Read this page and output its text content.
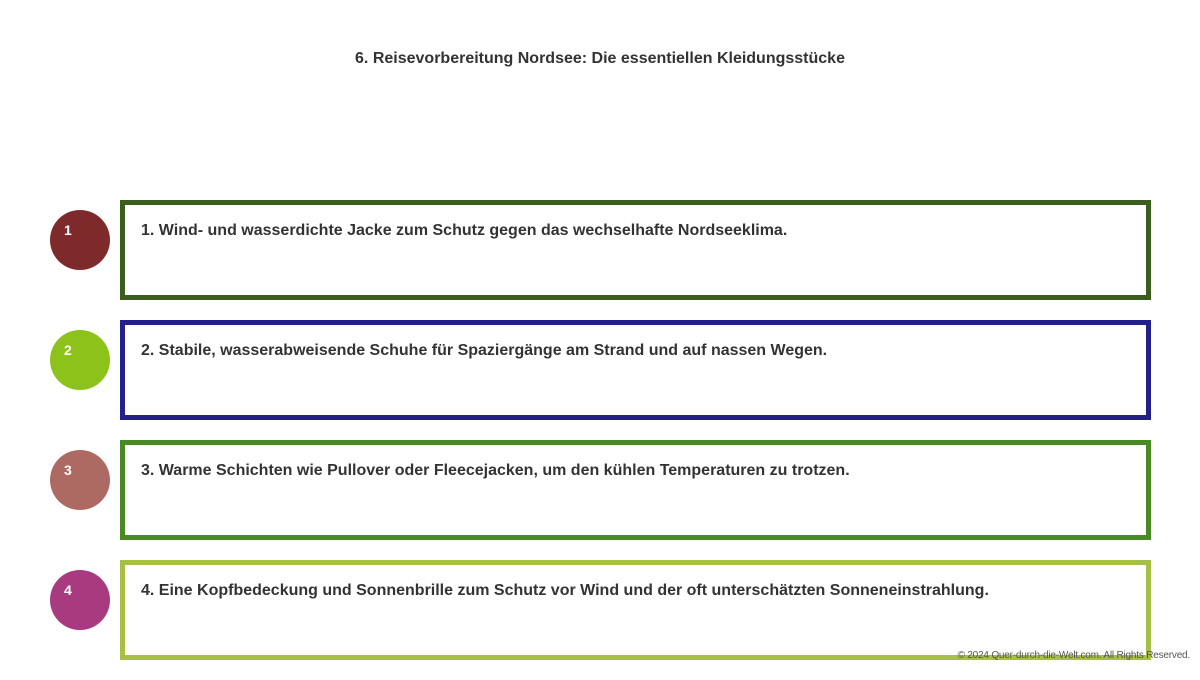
6. Reisevorbereitung Nordsee: Die essentiellen Kleidungsstücke
1	1. Wind- und wasserdichte Jacke zum Schutz gegen das wechselhafte Nordseeklima.
2	2. Stabile, wasserabweisende Schuhe für Spaziergänge am Strand und auf nassen Wegen.
3	3. Warme Schichten wie Pullover oder Fleecejacken, um den kühlen Temperaturen zu trotzen.
4	4. Eine Kopfbedeckung und Sonnenbrille zum Schutz vor Wind und der oft unterschätzten Sonneneinstrahlung.
© 2024 Quer-durch-die-Welt.com. All Rights Reserved.
